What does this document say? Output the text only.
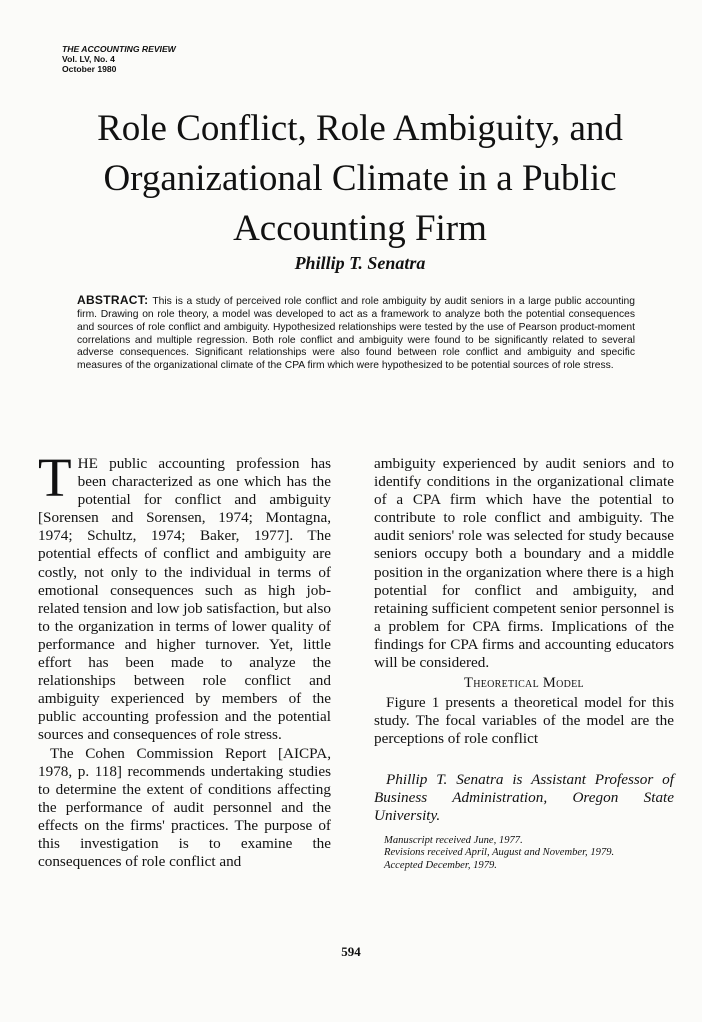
THE ACCOUNTING REVIEW
Vol. LV, No. 4
October 1980
Role Conflict, Role Ambiguity, and
Organizational Climate in a Public
Accounting Firm
Phillip T. Senatra
ABSTRACT: This is a study of perceived role conflict and role ambiguity by audit seniors in a large public accounting firm. Drawing on role theory, a model was developed to act as a framework to analyze both the potential consequences and sources of role conflict and ambiguity. Hypothesized relationships were tested by the use of Pearson product-moment correlations and multiple regression. Both role conflict and ambiguity were found to be significantly related to several adverse consequences. Significant relationships were also found between role conflict and ambiguity and specific measures of the organizational climate of the CPA firm which were hypothesized to be potential sources of role stress.

THE public accounting profession has been characterized as one which has the potential for conflict and ambiguity [Sorensen and Sorensen, 1974; Montagna, 1974; Schultz, 1974; Baker, 1977]. The potential effects of conflict and ambiguity are costly, not only to the individual in terms of emotional consequences such as high job-related tension and low job satisfaction, but also to the organization in terms of lower quality of performance and higher turnover. Yet, little effort has been made to analyze the relationships between role conflict and ambiguity experienced by members of the public accounting profession and the potential sources and consequences of role stress.

The Cohen Commission Report [AICPA, 1978, p. 118] recommends undertaking studies to determine the extent of conditions affecting the performance of audit personnel and the effects on the firms' practices. The purpose of this investigation is to examine the consequences of role conflict and

ambiguity experienced by audit seniors and to identify conditions in the organizational climate of a CPA firm which have the potential to contribute to role conflict and ambiguity. The audit seniors' role was selected for study because seniors occupy both a boundary and a middle position in the organization where there is a high potential for conflict and ambiguity, and retaining sufficient competent senior personnel is a problem for CPA firms. Implications of the findings for CPA firms and accounting educators will be considered.

Theoretical Model

Figure 1 presents a theoretical model for this study. The focal variables of the model are the perceptions of role conflict

Phillip T. Senatra is Assistant Professor of Business Administration, Oregon State University.

Manuscript received June, 1977.
Revisions received April, August and November, 1979.
Accepted December, 1979.
594
